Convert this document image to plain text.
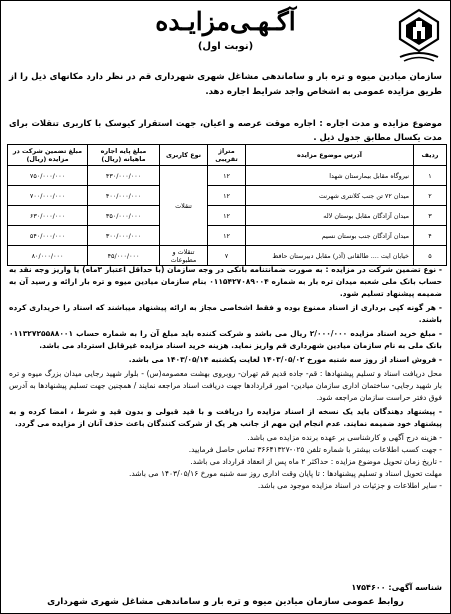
آگـهـی‌مزایـده
(نوبت اول)
سازمان میادین میوه و تره بار و ساماندهی مشاغل شهری شهرداری قم در نظر دارد مکانهای ذیل را از طریق مزایده عمومی به اشخاص واجد شرایط اجاره دهد.
موضوع مزایده و مدت اجاره : اجاره موقت عرصه و اعیان، جهت استقرار کیوسک با کاربری تنقلات برای مدت یکسال مطابق جدول ذیل .
ردیف	آدرس موضوع مزایده	متراژ تقریبی	نوع کاربری	مبلغ پایه اجاره ماهیانه (ریال)	مبلغ تضمین شرکت در مزایده (ریال)
۱	نیروگاه مقابل بیمارستان شهدا	۱۲	تنقلات	۴۳۰/۰۰۰/۰۰۰	۷۵۰/۰۰۰/۰۰۰
۲	میدان ۷۲ تن جنب کلانتری شهرنت	۱۲		۴۰۰/۰۰۰/۰۰۰	۷۰۰/۰۰۰/۰۰۰
۳	میدان آزادگان مقابل بوستان لاله	۱۲		۳۵۰/۰۰۰/۰۰۰	۶۳۰/۰۰۰/۰۰۰
۴	میدان آزادگان جنب بوستان نسیم	۱۲		۳۰۰/۰۰۰/۰۰۰	۵۴۰/۰۰۰/۰۰۰
۵	خیابان ایت .... طالقانی (آذر) مقابل دبیرستان حافظ	۷	تنقلات و مطبوعات	۴۵/۰۰۰/۰۰۰	۸۰/۰۰۰/۰۰۰

- نوع تضمین شرکت در مزایده : به صورت ضمانتنامه بانکی در وجه سازمان (با حداقل اعتبار ۳ماه) یا واریز وجه نقد به حساب بانک ملی شعبه میدان تره بار به شماره ۰۱۱۵۴۲۷۰۸۹۰۰۴ بنام سازمان میادین میوه و تره بار ارائه و رسید آن به ضمیمه پیشنهاد تسلیم شود.

- هر گونه کپی برداری از اسناد ممنوع بوده و فقط اشخاصی مجاز به ارائه پیشنهاد میباشند که اسناد را خریداری کرده باشند.

- مبلغ خرید اسناد مزایده ۲/۰۰۰/۰۰۰ ریال می باشد و شرکت کننده باید مبلغ آن را به شماره حساب ۰۱۱۳۲۷۲۵۵۸۸۰۰۱ بانک ملی به نام سازمان میادین شهرداری قم واریز نماید. هزینه خرید اسناد مزایده غیرقابل استرداد می باشد.

- فروش اسناد از روز سه شنبه مورخ ۱۴۰۳/۰۵/۰۲ لغایت یکشنبه ۱۴۰۳/۰۵/۱۴ می باشد.

محل دریافت اسناد و تسلیم پیشنهادها : قم- جاده قدیم قم تهران- روبروی بهشت معصومه(س) - بلوار شهید رجایی میدان بزرگ میوه و تره بار شهید رجایی- ساختمان اداری سازمان میادین- امور قراردادها جهت دریافت اسناد مراجعه نمایند / همچنین جهت تسلیم پیشنهادها به آدرس فوق دفتر حراست سازمان مراجعه شود.

- پیشنهاد دهندگان باید یک نسخه از اسناد مزایده را دریافت و با قید قبولی و بدون قید و شرط ، امضا کرده و به پیشنهاد خود ضمیمه نمایند. عدم انجام این مهم از جانب هر یک از شرکت کنندگان باعث حذف آنان از مزایده می گردد.

- هزینه درج آگهی و کارشناسی بر عهده برنده مزایده می باشد.

- جهت کسب اطلاعات بیشتر با شماره تلفن ۰۲۵-۳۶۶۴۱۳۲۷ تماس حاصل فرمایید.

- تاریخ زمان تحویل موضوع مزایده : حداکثر ۲ ماه پس از انعقاد قرارداد می باشد.

مهلت تحویل اسناد و تسلیم پیشنهادها : تا پایان وقت اداری روز سه شنبه مورخ ۱۴۰۳/۰۵/۱۶ می باشد.

- سایر اطلاعات و جزئیات در اسناد مزایده موجود می باشد.

شناسه آگهی: ۱۷۵۴۶۰۰
روابط عمومی سازمان میادین میوه و تره بار و ساماندهی مشاغل شهری شهرداری
